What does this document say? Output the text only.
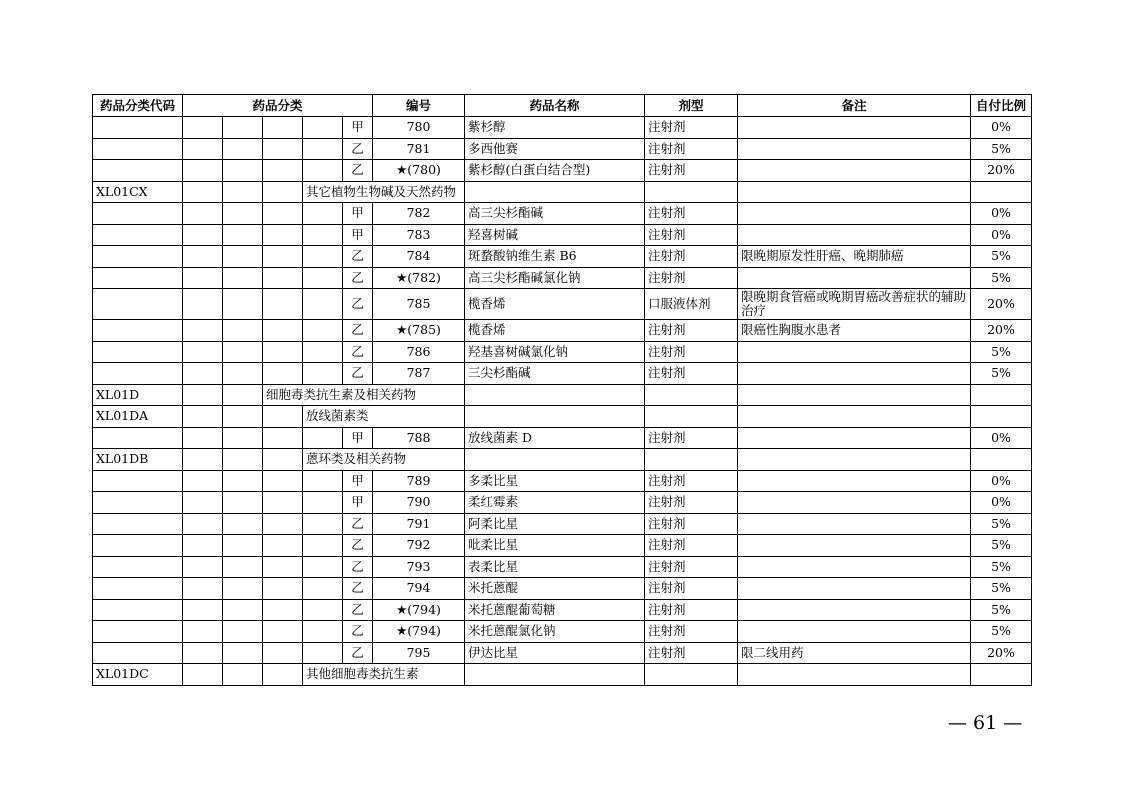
药品分类代码	药品分类					编号	药品名称	剂型	备注	自付比例
					甲	780	紫杉醇	注射剂		0%
					乙	781	多西他赛	注射剂		5%
					乙	★(780)	紫杉醇(白蛋白结合型)	注射剂		20%
XL01CX				其它植物生物碱及天然药物						
					甲	782	高三尖杉酯碱	注射剂		0%
					甲	783	羟喜树碱	注射剂		0%
					乙	784	斑蝥酸钠维生素 B6	注射剂	限晚期原发性肝癌、晚期肺癌	5%
					乙	★(782)	高三尖杉酯碱氯化钠	注射剂		5%
					乙	785	榄香烯	口服液体剂	限晚期食管癌或晚期胃癌改善症状的辅助治疗	20%
					乙	★(785)	榄香烯	注射剂	限癌性胸腹水患者	20%
					乙	786	羟基喜树碱氯化钠	注射剂		5%
					乙	787	三尖杉酯碱	注射剂		5%
XL01D			细胞毒类抗生素及相关药物							
XL01DA				放线菌素类						
					甲	788	放线菌素 D	注射剂		0%
XL01DB				蒽环类及相关药物						
					甲	789	多柔比星	注射剂		0%
					甲	790	柔红霉素	注射剂		0%
					乙	791	阿柔比星	注射剂		5%
					乙	792	吡柔比星	注射剂		5%
					乙	793	表柔比星	注射剂		5%
					乙	794	米托蒽醌	注射剂		5%
					乙	★(794)	米托蒽醌葡萄糖	注射剂		5%
					乙	★(794)	米托蒽醌氯化钠	注射剂		5%
					乙	795	伊达比星	注射剂	限二线用药	20%
XL01DC				其他细胞毒类抗生素						
— 61 —
